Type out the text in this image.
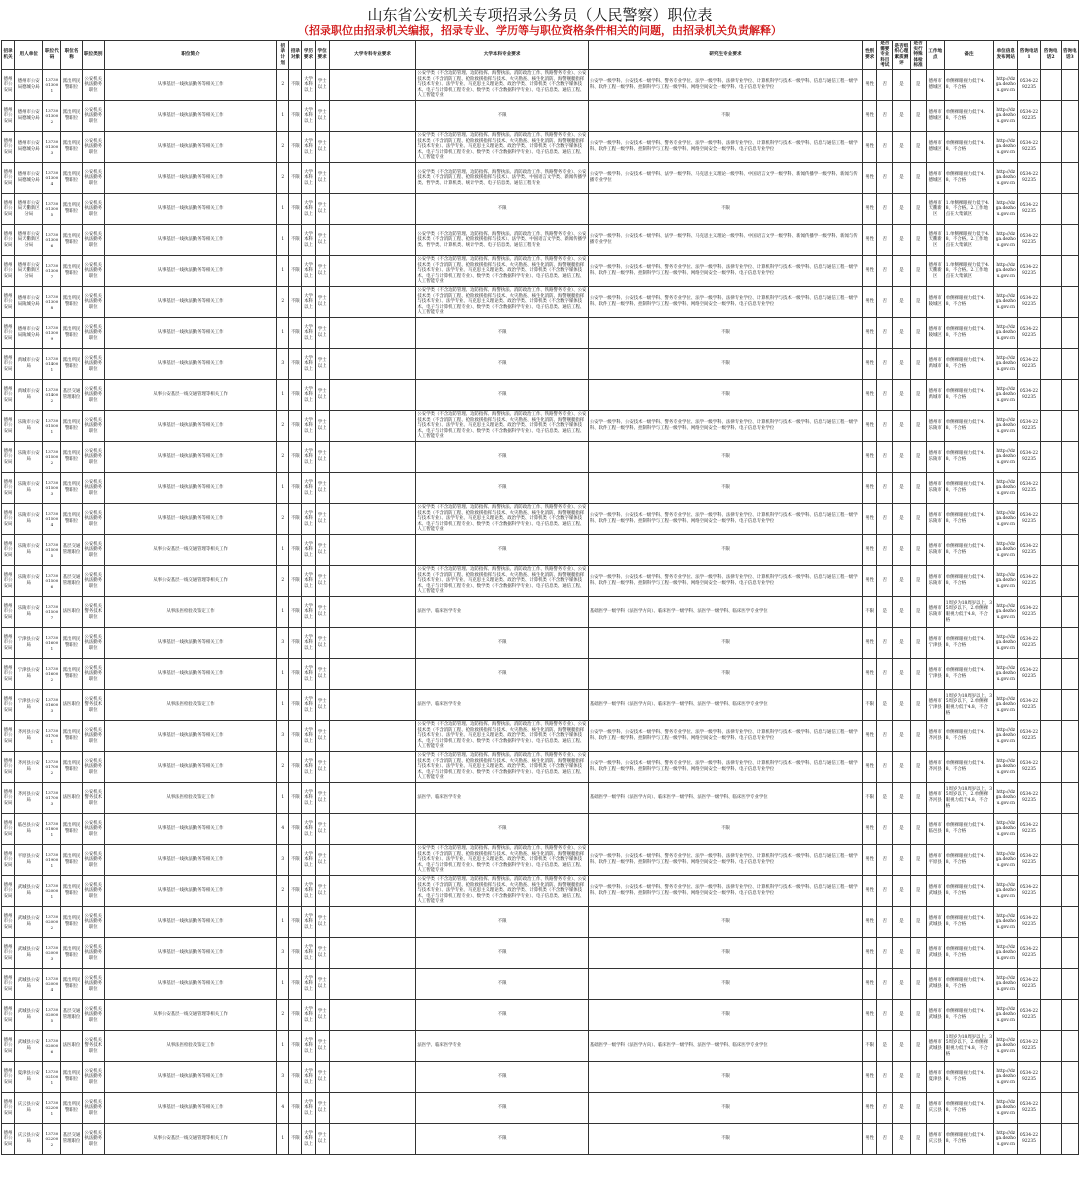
山东省公安机关专项招录公务员（人民警察）职位表
（招录职位由招录机关编报，招录专业、学历等与职位资格条件相关的问题，由招录机关负责解释）
招录机关	用人单位	职位代码	职位名称	职位类别	职位简介	招录计划	招录对象	学历要求	学位要求	大学专科专业要求	大学本科专业要求	研究生专业要求	性别要求	是否需要专业科目考试	是否组织心理素质测评	是否实行特殊体检标准	工作地点	备注	单位信息发布网站	咨询电话1	咨询电话2	咨询电话3
德州市公安局	德州市公安局德城分局	13730013001	派出所民警职位	公安机关执法勤务职位	从事基层一线执法勤务等相关工作	2	不限	大学本科以上	学士以上		公安学类（不含边防管理、边防指挥、海警执法、消防政治工作、铁路警务专业）、公安技术类（不含消防工程、抢险救援指挥与技术、火灾勘查、核生化消防、海警舰艇指挥与技术专业）、法学专业、马克思主义理论类、政治学类、计算机类（不含数字媒体技术、电子与计算机工程专业）、数学类（不含数据科学专业）、电子信息类、通信工程、人工智能专业	公安学一级学科、公安技术一级学科、警务专业学位、法学一级学科、法律专业学位、计算机科学与技术一级学科、信息与通信工程一级学科、软件工程一级学科、控制科学与工程一级学科、网络空间安全一级学科、电子信息专业学位	男性	否	是	是	德州市德城区	单侧裸眼视力低于4.8，不合格	http://dzga.dezhou.gov.cn	0534-2292235		
德州市公安局	德州市公安局德城分局	13730013002	派出所民警职位	公安机关执法勤务职位	从事基层一线执法勤务等相关工作	1	不限	大学本科以上	学士以上		不限	不限	男性	否	是	是	德州市德城区	单侧裸眼视力低于4.8，不合格	http://dzga.dezhou.gov.cn	0534-2292235		
德州市公安局	德州市公安局德城分局	13730013003	派出所民警职位	公安机关执法勤务职位	从事基层一线执法勤务等相关工作	2	不限	大学本科以上	学士以上		公安学类（不含边防管理、边防指挥、海警执法、消防政治工作、铁路警务专业）、公安技术类（不含消防工程、抢险救援指挥与技术、火灾勘查、核生化消防、海警舰艇指挥与技术专业）、法学专业、马克思主义理论类、政治学类、计算机类（不含数字媒体技术、电子与计算机工程专业）、数学类（不含数据科学专业）、电子信息类、通信工程、人工智能专业	公安学一级学科、公安技术一级学科、警务专业学位、法学一级学科、法律专业学位、计算机科学与技术一级学科、信息与通信工程一级学科、软件工程一级学科、控制科学与工程一级学科、网络空间安全一级学科、电子信息专业学位	男性	否	是	是	德州市德城区	单侧裸眼视力低于4.8，不合格	http://dzga.dezhou.gov.cn	0534-2292235		
德州市公安局	德州市公安局德城分局	13730013004	派出所民警职位	公安机关执法勤务职位	从事基层一线执法勤务等相关工作	2	不限	大学本科以上	学士以上		公安学类（不含边防管理、边防指挥、海警执法、消防政治工作、铁路警务专业）、公安技术类（不含消防工程、抢险救援指挥与技术）、法学类、中国语言文学类、新闻传播学类、哲学类、计算机类、统计学类、电子信息类、通信工程专业	公安学一级学科、公安技术一级学科、法学一级学科、马克思主义理论一级学科、中国语言文学一级学科、新闻传播学一级学科、新闻与传播专业学位	男性	否	是	是	德州市德城区	单侧裸眼视力低于4.8，不合格	http://dzga.dezhou.gov.cn	0534-2292235		
德州市公安局	德州市公安局天衢新区分局	13730013005	派出所民警职位	公安机关执法勤务职位	从事基层一线执法勤务等相关工作	1	不限	大学本科以上	学士以上		不限	不限	男性	否	是	是	德州市天衢新区	1.单侧裸眼视力低于4.8，不合格。2.工作地点在大集镇区	http://dzga.dezhou.gov.cn	0534-2292235		
德州市公安局	德州市公安局天衢新区分局	13730013006	派出所民警职位	公安机关执法勤务职位	从事基层一线执法勤务等相关工作	1	不限	大学本科以上	学士以上		公安学类（不含边防管理、边防指挥、海警执法、消防政治工作、铁路警务专业）、公安技术类（不含消防工程、抢险救援指挥与技术）、法学类、中国语言文学类、新闻传播学类、哲学类、计算机类、统计学类、电子信息类、通信工程专业	公安学一级学科、公安技术一级学科、法学一级学科、马克思主义理论一级学科、中国语言文学一级学科、新闻传播学一级学科、新闻与传播专业学位	男性	否	是	是	德州市天衢新区	1.单侧裸眼视力低于4.8，不合格。2.工作地点在大集镇区	http://dzga.dezhou.gov.cn	0534-2292235		
德州市公安局	德州市公安局天衢新区分局	13730013007	派出所民警职位	公安机关执法勤务职位	从事基层一线执法勤务等相关工作	1	不限	大学本科以上	学士以上		公安学类（不含边防管理、边防指挥、海警执法、消防政治工作、铁路警务专业）、公安技术类（不含消防工程、抢险救援指挥与技术、火灾勘查、核生化消防、海警舰艇指挥与技术专业）、法学专业、马克思主义理论类、政治学类、计算机类（不含数字媒体技术、电子与计算机工程专业）、数学类（不含数据科学专业）、电子信息类、通信工程、人工智能专业	公安学一级学科、公安技术一级学科、警务专业学位、法学一级学科、法律专业学位、计算机科学与技术一级学科、信息与通信工程一级学科、软件工程一级学科、控制科学与工程一级学科、网络空间安全一级学科、电子信息专业学位	男性	否	是	是	德州市天衢新区	1.单侧裸眼视力低于4.8，不合格。2.工作地点在大集镇区	http://dzga.dezhou.gov.cn	0534-2292235		
德州市公安局	德州市公安局陵城分局	13730013008	派出所民警职位	公安机关执法勤务职位	从事基层一线执法勤务等相关工作	2	不限	大学本科以上	学士以上		公安学类（不含边防管理、边防指挥、海警执法、消防政治工作、铁路警务专业）、公安技术类（不含消防工程、抢险救援指挥与技术、火灾勘查、核生化消防、海警舰艇指挥与技术专业）、法学专业、马克思主义理论类、政治学类、计算机类（不含数字媒体技术、电子与计算机工程专业）、数学类（不含数据科学专业）、电子信息类、通信工程、人工智能专业	公安学一级学科、公安技术一级学科、警务专业学位、法学一级学科、法律专业学位、计算机科学与技术一级学科、信息与通信工程一级学科、软件工程一级学科、控制科学与工程一级学科、网络空间安全一级学科、电子信息专业学位	男性	否	是	是	德州市陵城区	单侧裸眼视力低于4.8，不合格	http://dzga.dezhou.gov.cn	0534-2292235		
德州市公安局	德州市公安局陵城分局	13730013009	派出所民警职位	公安机关执法勤务职位	从事基层一线执法勤务等相关工作	1	不限	大学本科以上	学士以上		不限	不限	男性	否	是	是	德州市陵城区	单侧裸眼视力低于4.8，不合格	http://dzga.dezhou.gov.cn	0534-2292235		
德州市公安局	禹城市公安局	13730014001	派出所民警职位	公安机关执法勤务职位	从事基层一线执法勤务等相关工作	3	不限	大学本科以上	学士以上		不限	不限	男性	否	是	是	德州市禹城市	单侧裸眼视力低于4.8，不合格	http://dzga.dezhou.gov.cn	0534-2292235		
德州市公安局	禹城市公安局	13730014002	基层交通管理职位	公安机关执法勤务职位	从事公安基层一线交通管理等相关工作	1	不限	大学本科以上	学士以上		不限	不限	男性	否	是	是	德州市禹城市	单侧裸眼视力低于4.8，不合格	http://dzga.dezhou.gov.cn	0534-2292235		
德州市公安局	乐陵市公安局	13730015001	派出所民警职位	公安机关执法勤务职位	从事基层一线执法勤务等相关工作	2	不限	大学本科以上	学士以上		公安学类（不含边防管理、边防指挥、海警执法、消防政治工作、铁路警务专业）、公安技术类（不含消防工程、抢险救援指挥与技术、火灾勘查、核生化消防、海警舰艇指挥与技术专业）、法学专业、马克思主义理论类、政治学类、计算机类（不含数字媒体技术、电子与计算机工程专业）、数学类（不含数据科学专业）、电子信息类、通信工程、人工智能专业	公安学一级学科、公安技术一级学科、警务专业学位、法学一级学科、法律专业学位、计算机科学与技术一级学科、信息与通信工程一级学科、软件工程一级学科、控制科学与工程一级学科、网络空间安全一级学科、电子信息专业学位	男性	否	是	是	德州市乐陵市	单侧裸眼视力低于4.8，不合格	http://dzga.dezhou.gov.cn	0534-2292235		
德州市公安局	乐陵市公安局	13730015002	派出所民警职位	公安机关执法勤务职位	从事基层一线执法勤务等相关工作	2	不限	大学本科以上	学士以上		不限	不限	男性	否	是	是	德州市乐陵市	单侧裸眼视力低于4.8，不合格	http://dzga.dezhou.gov.cn	0534-2292235		
德州市公安局	乐陵市公安局	13730015003	派出所民警职位	公安机关执法勤务职位	从事基层一线执法勤务等相关工作	1	不限	大学本科以上	学士以上		不限	不限	男性	否	是	是	德州市乐陵市	单侧裸眼视力低于4.8，不合格	http://dzga.dezhou.gov.cn	0534-2292235		
德州市公安局	乐陵市公安局	13730015004	派出所民警职位	公安机关执法勤务职位	从事基层一线执法勤务等相关工作	2	不限	大学本科以上	学士以上		公安学类（不含边防管理、边防指挥、海警执法、消防政治工作、铁路警务专业）、公安技术类（不含消防工程、抢险救援指挥与技术、火灾勘查、核生化消防、海警舰艇指挥与技术专业）、法学专业、马克思主义理论类、政治学类、计算机类（不含数字媒体技术、电子与计算机工程专业）、数学类（不含数据科学专业）、电子信息类、通信工程、人工智能专业	公安学一级学科、公安技术一级学科、警务专业学位、法学一级学科、法律专业学位、计算机科学与技术一级学科、信息与通信工程一级学科、软件工程一级学科、控制科学与工程一级学科、网络空间安全一级学科、电子信息专业学位	男性	否	是	是	德州市乐陵市	单侧裸眼视力低于4.8，不合格	http://dzga.dezhou.gov.cn	0534-2292235		
德州市公安局	乐陵市公安局	13730015005	基层交通管理职位	公安机关执法勤务职位	从事公安基层一线交通管理等相关工作	1	不限	大学本科以上	学士以上		不限	不限	男性	否	是	是	德州市乐陵市	单侧裸眼视力低于4.8，不合格	http://dzga.dezhou.gov.cn	0534-2292235		
德州市公安局	乐陵市公安局	13730015006	基层交通管理职位	公安机关执法勤务职位	从事公安基层一线交通管理等相关工作	2	不限	大学本科以上	学士以上		公安学类（不含边防管理、边防指挥、海警执法、消防政治工作、铁路警务专业）、公安技术类（不含消防工程、抢险救援指挥与技术、火灾勘查、核生化消防、海警舰艇指挥与技术专业）、法学专业、马克思主义理论类、政治学类、计算机类（不含数字媒体技术、电子与计算机工程专业）、数学类（不含数据科学专业）、电子信息类、通信工程、人工智能专业	公安学一级学科、公安技术一级学科、警务专业学位、法学一级学科、法律专业学位、计算机科学与技术一级学科、信息与通信工程一级学科、软件工程一级学科、控制科学与工程一级学科、网络空间安全一级学科、电子信息专业学位	男性	否	是	是	德州市乐陵市	单侧裸眼视力低于4.8，不合格	http://dzga.dezhou.gov.cn	0534-2292235		
德州市公安局	乐陵市公安局	13730015007	法医职位	公安机关警务技术职位	从事法医检验及鉴定工作	1	不限	大学本科以上	学士以上		法医学、临床医学专业	基础医学一级学科（法医学方向）、临床医学一级学科、法医学一级学科、临床医学专业学位	不限	是	是	是	德州市乐陵市	1周岁为18周岁以上，35周岁以下，2.单侧裸眼视力低于4.8，不合格	http://dzga.dezhou.gov.cn	0534-2292235		
德州市公安局	宁津县公安局	13730016001	派出所民警职位	公安机关执法勤务职位	从事基层一线执法勤务等相关工作	3	不限	大学本科以上	学士以上		不限	不限	男性	否	是	是	德州市宁津县	单侧裸眼视力低于4.8，不合格	http://dzga.dezhou.gov.cn	0534-2292235		
德州市公安局	宁津县公安局	13730016002	派出所民警职位	公安机关执法勤务职位	从事基层一线执法勤务等相关工作	1	不限	大学本科以上	学士以上		不限	不限	男性	否	是	是	德州市宁津县	单侧裸眼视力低于4.8，不合格	http://dzga.dezhou.gov.cn	0534-2292235		
德州市公安局	宁津县公安局	13730016003	法医职位	公安机关警务技术职位	从事法医检验及鉴定工作	1	不限	大学本科以上	学士以上		法医学、临床医学专业	基础医学一级学科（法医学方向）、临床医学一级学科、法医学一级学科、临床医学专业学位	不限	是	是	是	德州市宁津县	1周岁为18周岁以上，35周岁以下，2.单侧裸眼视力低于4.8，不合格	http://dzga.dezhou.gov.cn	0534-2292235		
德州市公安局	齐河县公安局	13730017001	派出所民警职位	公安机关执法勤务职位	从事基层一线执法勤务等相关工作	3	不限	大学本科以上	学士以上		公安学类（不含边防管理、边防指挥、海警执法、消防政治工作、铁路警务专业）、公安技术类（不含消防工程、抢险救援指挥与技术、火灾勘查、核生化消防、海警舰艇指挥与技术专业）、法学专业、马克思主义理论类、政治学类、计算机类（不含数字媒体技术、电子与计算机工程专业）、数学类（不含数据科学专业）、电子信息类、通信工程、人工智能专业	公安学一级学科、公安技术一级学科、警务专业学位、法学一级学科、法律专业学位、计算机科学与技术一级学科、信息与通信工程一级学科、软件工程一级学科、控制科学与工程一级学科、网络空间安全一级学科、电子信息专业学位	男性	否	是	是	德州市齐河县	单侧裸眼视力低于4.8，不合格	http://dzga.dezhou.gov.cn	0534-2292235		
德州市公安局	齐河县公安局	13730017002	派出所民警职位	公安机关执法勤务职位	从事基层一线执法勤务等相关工作	2	不限	大学本科以上	学士以上		公安学类（不含边防管理、边防指挥、海警执法、消防政治工作、铁路警务专业）、公安技术类（不含消防工程、抢险救援指挥与技术、火灾勘查、核生化消防、海警舰艇指挥与技术专业）、法学专业、马克思主义理论类、政治学类、计算机类（不含数字媒体技术、电子与计算机工程专业）、数学类（不含数据科学专业）、电子信息类、通信工程、人工智能专业	公安学一级学科、公安技术一级学科、警务专业学位、法学一级学科、法律专业学位、计算机科学与技术一级学科、信息与通信工程一级学科、软件工程一级学科、控制科学与工程一级学科、网络空间安全一级学科、电子信息专业学位	男性	否	是	是	德州市齐河县	单侧裸眼视力低于4.8，不合格	http://dzga.dezhou.gov.cn	0534-2292235		
德州市公安局	齐河县公安局	13730017003	法医职位	公安机关警务技术职位	从事法医检验及鉴定工作	1	不限	大学本科以上	学士以上		法医学、临床医学专业	基础医学一级学科（法医学方向）、临床医学一级学科、法医学一级学科、临床医学专业学位	不限	是	是	是	德州市齐河县	1周岁为18周岁以上，35周岁以下，2.单侧裸眼视力低于4.8，不合格	http://dzga.dezhou.gov.cn	0534-2292235		
德州市公安局	临邑县公安局	13730018001	派出所民警职位	公安机关执法勤务职位	从事基层一线执法勤务等相关工作	4	不限	大学本科以上	学士以上		不限	不限	男性	否	是	是	德州市临邑县	单侧裸眼视力低于4.8，不合格	http://dzga.dezhou.gov.cn	0534-2292235		
德州市公安局	平原县公安局	13730019001	派出所民警职位	公安机关执法勤务职位	从事基层一线执法勤务等相关工作	3	不限	大学本科以上	学士以上		公安学类（不含边防管理、边防指挥、海警执法、消防政治工作、铁路警务专业）、公安技术类（不含消防工程、抢险救援指挥与技术、火灾勘查、核生化消防、海警舰艇指挥与技术专业）、法学专业、马克思主义理论类、政治学类、计算机类（不含数字媒体技术、电子与计算机工程专业）、数学类（不含数据科学专业）、电子信息类、通信工程、人工智能专业	公安学一级学科、公安技术一级学科、警务专业学位、法学一级学科、法律专业学位、计算机科学与技术一级学科、信息与通信工程一级学科、软件工程一级学科、控制科学与工程一级学科、网络空间安全一级学科、电子信息专业学位	男性	否	是	是	德州市平原县	单侧裸眼视力低于4.8，不合格	http://dzga.dezhou.gov.cn	0534-2292235		
德州市公安局	武城县公安局	13730020001	派出所民警职位	公安机关执法勤务职位	从事基层一线执法勤务等相关工作	2	不限	大学本科以上	学士以上		公安学类（不含边防管理、边防指挥、海警执法、消防政治工作、铁路警务专业）、公安技术类（不含消防工程、抢险救援指挥与技术、火灾勘查、核生化消防、海警舰艇指挥与技术专业）、法学专业、马克思主义理论类、政治学类、计算机类（不含数字媒体技术、电子与计算机工程专业）、数学类（不含数据科学专业）、电子信息类、通信工程、人工智能专业	公安学一级学科、公安技术一级学科、警务专业学位、法学一级学科、法律专业学位、计算机科学与技术一级学科、信息与通信工程一级学科、软件工程一级学科、控制科学与工程一级学科、网络空间安全一级学科、电子信息专业学位	男性	否	是	是	德州市武城县	单侧裸眼视力低于4.8，不合格	http://dzga.dezhou.gov.cn	0534-2292235		
德州市公安局	武城县公安局	13730020002	派出所民警职位	公安机关执法勤务职位	从事基层一线执法勤务等相关工作	1	不限	大学本科以上	学士以上		不限	不限	男性	否	是	是	德州市武城县	单侧裸眼视力低于4.8，不合格	http://dzga.dezhou.gov.cn	0534-2292235		
德州市公安局	武城县公安局	13730020003	派出所民警职位	公安机关执法勤务职位	从事基层一线执法勤务等相关工作	3	不限	大学本科以上	学士以上		不限	不限	男性	否	是	是	德州市武城县	单侧裸眼视力低于4.8，不合格	http://dzga.dezhou.gov.cn	0534-2292235		
德州市公安局	武城县公安局	13730020004	派出所民警职位	公安机关执法勤务职位	从事基层一线执法勤务等相关工作	1	不限	大学本科以上	学士以上		不限	不限	男性	否	是	是	德州市武城县	单侧裸眼视力低于4.8，不合格	http://dzga.dezhou.gov.cn	0534-2292235		
德州市公安局	武城县公安局	13730020005	基层交通管理职位	公安机关执法勤务职位	从事公安基层一线交通管理等相关工作	2	不限	大学本科以上	学士以上		不限	不限	男性	否	是	是	德州市武城县	单侧裸眼视力低于4.8，不合格	http://dzga.dezhou.gov.cn	0534-2292235		
德州市公安局	武城县公安局	13730020006	法医职位	公安机关警务技术职位	从事法医检验及鉴定工作	1	不限	大学本科以上	学士以上		法医学、临床医学专业	基础医学一级学科（法医学方向）、临床医学一级学科、法医学一级学科、临床医学专业学位	不限	是	是	是	德州市武城县	1周岁为18周岁以上，35周岁以下，2.单侧裸眼视力低于4.8，不合格	http://dzga.dezhou.gov.cn	0534-2292235		
德州市公安局	夏津县公安局	13730021001	派出所民警职位	公安机关执法勤务职位	从事基层一线执法勤务等相关工作	3	不限	大学本科以上	学士以上		不限	不限	男性	否	是	是	德州市夏津县	单侧裸眼视力低于4.8，不合格	http://dzga.dezhou.gov.cn	0534-2292235		
德州市公安局	庆云县公安局	13730022001	派出所民警职位	公安机关执法勤务职位	从事基层一线执法勤务等相关工作	4	不限	大学本科以上	学士以上		不限	不限	男性	否	是	是	德州市庆云县	单侧裸眼视力低于4.8，不合格	http://dzga.dezhou.gov.cn	0534-2292235		
德州市公安局	庆云县公安局	13730022002	基层交通管理职位	公安机关执法勤务职位	从事公安基层一线交通管理等相关工作	1	不限	大学本科以上	学士以上		不限	不限	男性	否	是	是	德州市庆云县	单侧裸眼视力低于4.8，不合格	http://dzga.dezhou.gov.cn	0534-2292235		
